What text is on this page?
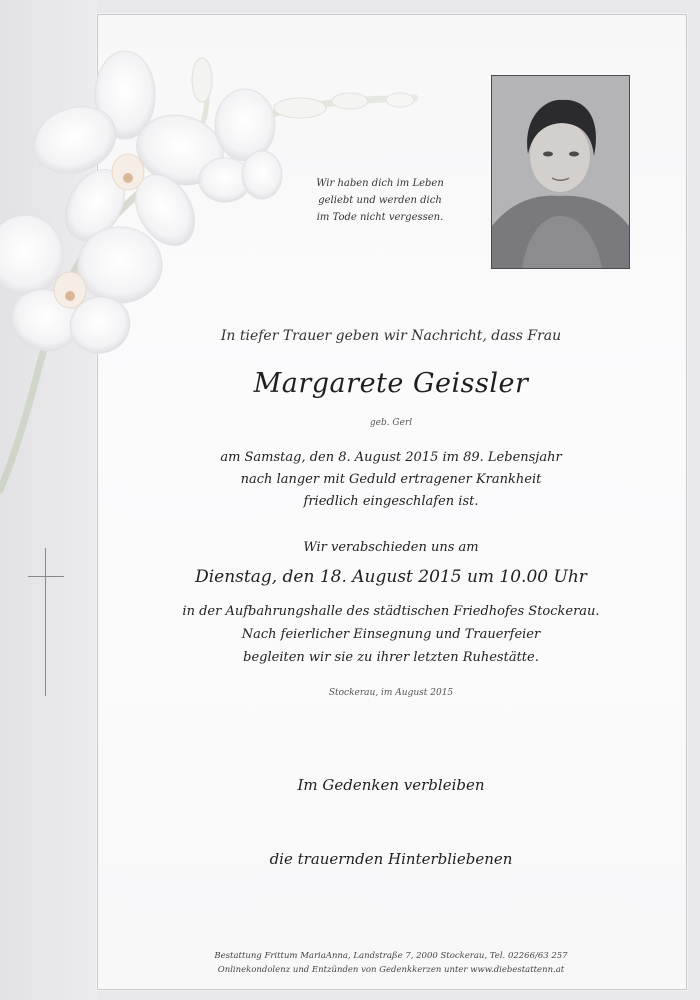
Wir haben dich im Leben
geliebt und werden dich
im Tode nicht vergessen.
In tiefer Trauer geben wir Nachricht, dass Frau
Margarete Geissler
geb. Gerl
am Samstag, den 8. August 2015 im 89. Lebensjahr
nach langer mit Geduld ertragener Krankheit
friedlich eingeschlafen ist.
Wir verabschieden uns am
Dienstag, den 18. August 2015 um 10.00 Uhr
in der Aufbahrungshalle des städtischen Friedhofes Stockerau.
Nach feierlicher Einsegnung und Trauerfeier
begleiten wir sie zu ihrer letzten Ruhestätte.
Stockerau, im August 2015
Im Gedenken verbleiben
die trauernden Hinterbliebenen
Bestattung Frittum MariaAnna, Landstraße 7, 2000 Stockerau, Tel. 02266/63 257
Onlinekondolenz und Entzünden von Gedenkkerzen unter www.diebestattenn.at
